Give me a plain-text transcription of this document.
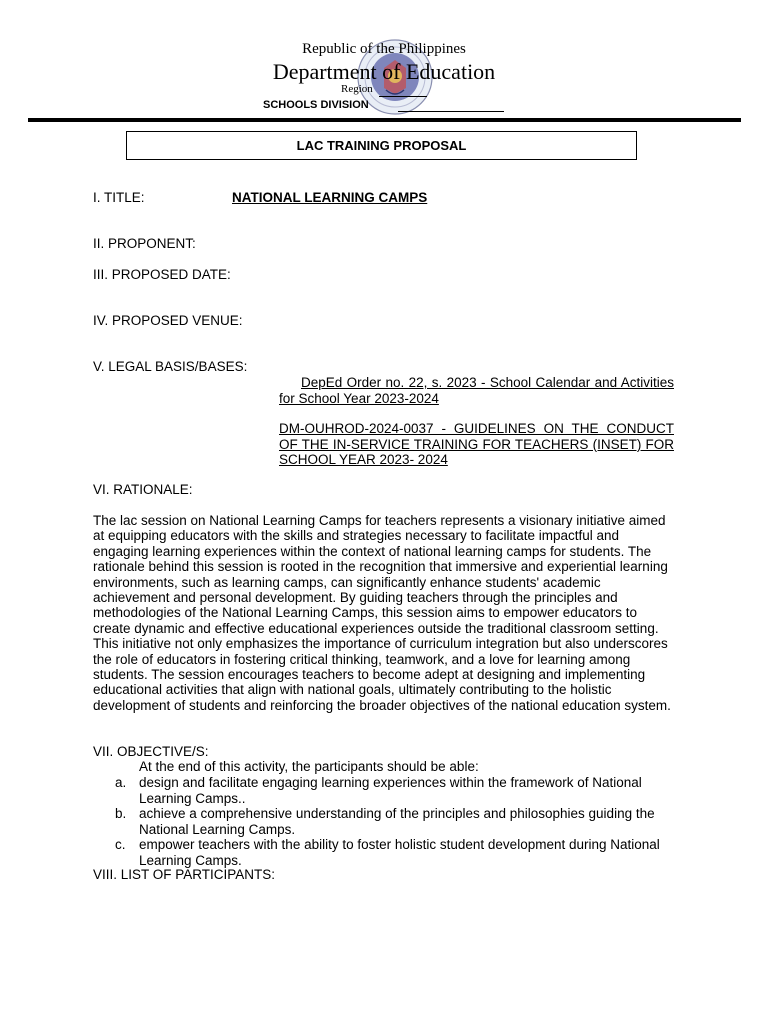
Republic of the Philippines
Department of Education
Region
SCHOOLS DIVISION
LAC TRAINING PROPOSAL
I. TITLE:	NATIONAL LEARNING CAMPS
II. PROPONENT:
III. PROPOSED DATE:
IV. PROPOSED VENUE:
V. LEGAL BASIS/BASES:
DepEd Order no. 22, s. 2023 - School Calendar and Activities for School Year 2023-2024
DM-OUHROD-2024-0037 - GUIDELINES ON THE CONDUCT OF THE IN-SERVICE TRAINING FOR TEACHERS (INSET) FOR SCHOOL YEAR 2023- 2024
VI. RATIONALE:

The lac session on National Learning Camps for teachers represents a visionary initiative aimed at equipping educators with the skills and strategies necessary to facilitate impactful and engaging learning experiences within the context of national learning camps for students. The rationale behind this session is rooted in the recognition that immersive and experiential learning environments, such as learning camps, can significantly enhance students' academic achievement and personal development. By guiding teachers through the principles and methodologies of the National Learning Camps, this session aims to empower educators to create dynamic and effective educational experiences outside the traditional classroom setting. This initiative not only emphasizes the importance of curriculum integration but also underscores the role of educators in fostering critical thinking, teamwork, and a love for learning among students. The session encourages teachers to become adept at designing and implementing educational activities that align with national goals, ultimately contributing to the holistic development of students and reinforcing the broader objectives of the national education system.

VII. OBJECTIVE/S:
At the end of this activity, the participants should be able:
a. design and facilitate engaging learning experiences within the framework of National Learning Camps..
b. achieve a comprehensive understanding of the principles and philosophies guiding the National Learning Camps.
c. empower teachers with the ability to foster holistic student development during National Learning Camps.
VIII. LIST OF PARTICIPANTS:
